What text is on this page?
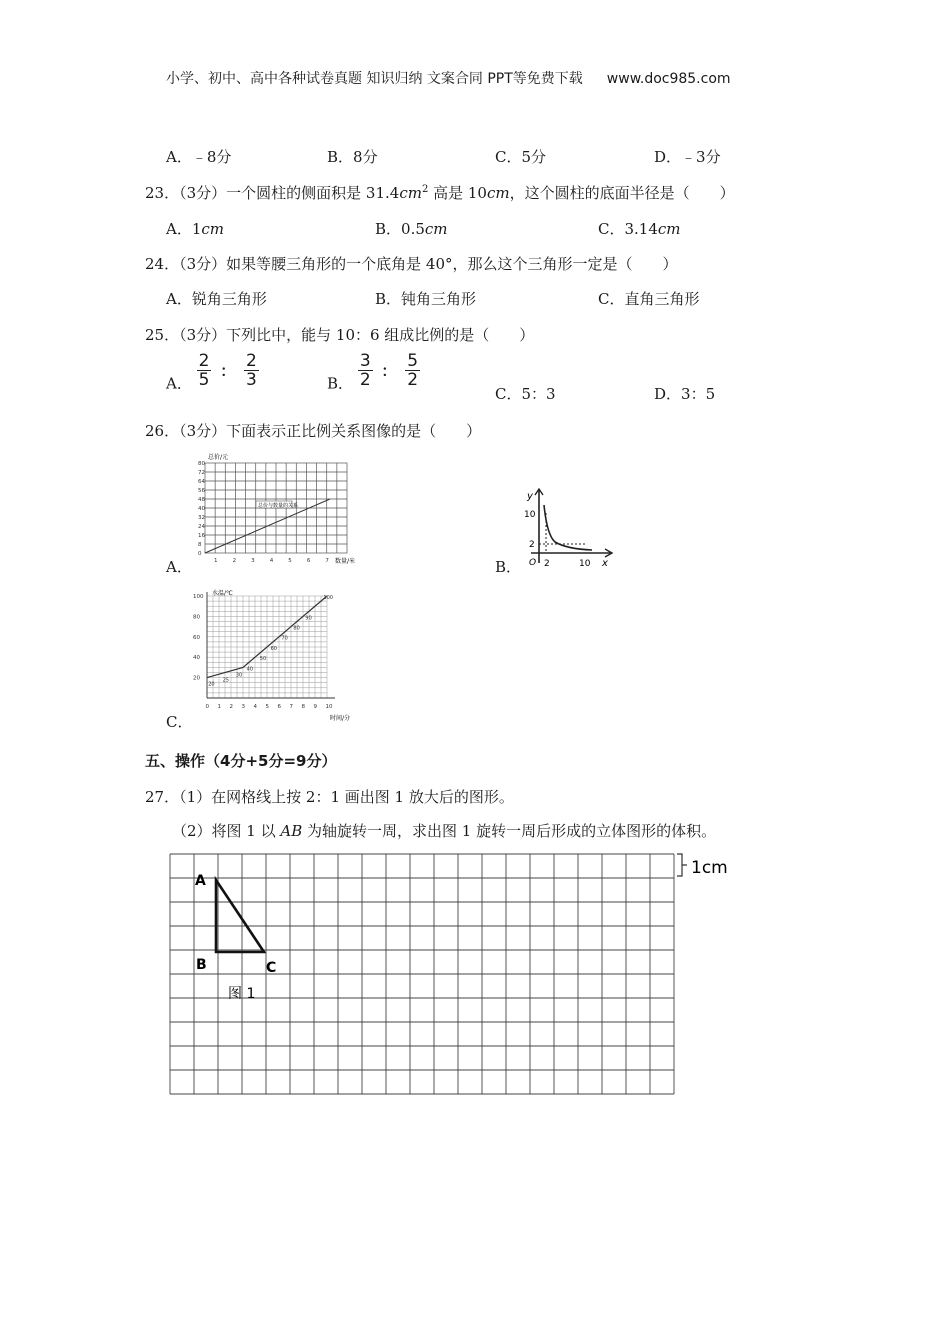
小学、初中、高中各种试卷真题 知识归纳 文案合同 PPT等免费下载 www.doc985.com
A．﹣8分	B．8分	C．5分	D．﹣3分
23．（3分）一个圆柱的侧面积是 $31.4cm^2$ 高是 10cm，这个圆柱的底面半径是（　　）
A．1cm	B．0.5cm	C．3.14cm
24．（3分）如果等腰三角形的一个底角是 40°，那么这个三角形一定是（　　）
A．锐角三角形	B．钝角三角形	C．直角三角形
25．（3分）下列比中，能与 10：6 组成比例的是（　　）
A． $\frac{2}{5}$ ： $\frac{2}{3}$	B． $\frac{3}{2}$ ： $\frac{5}{2}$
C．5：3	D．3：5
26．（3分）下面表示正比例关系图像的是（　　）
A．	B．
C．
总价/元
80
72
64
56
48
40
32
24
16
8
0
1	2	3	4	5	6	7
总价与数量的关系
数量/米
y
x
O
10
2
2	10
水温/℃
100
80
60
40
20
0 1 2 3 4 5 6 7 8 9 10
20
25
30
40
50
60
70
80
90
100
时间/分
五、操作（4分+5分=9分）
27．（1）在网格线上按 2：1 画出图 1 放大后的图形。
（2）将图 1 以 AB 为轴旋转一周，求出图 1 旋转一周后形成的立体图形的体积。
1cm
A
B	C
图 1
